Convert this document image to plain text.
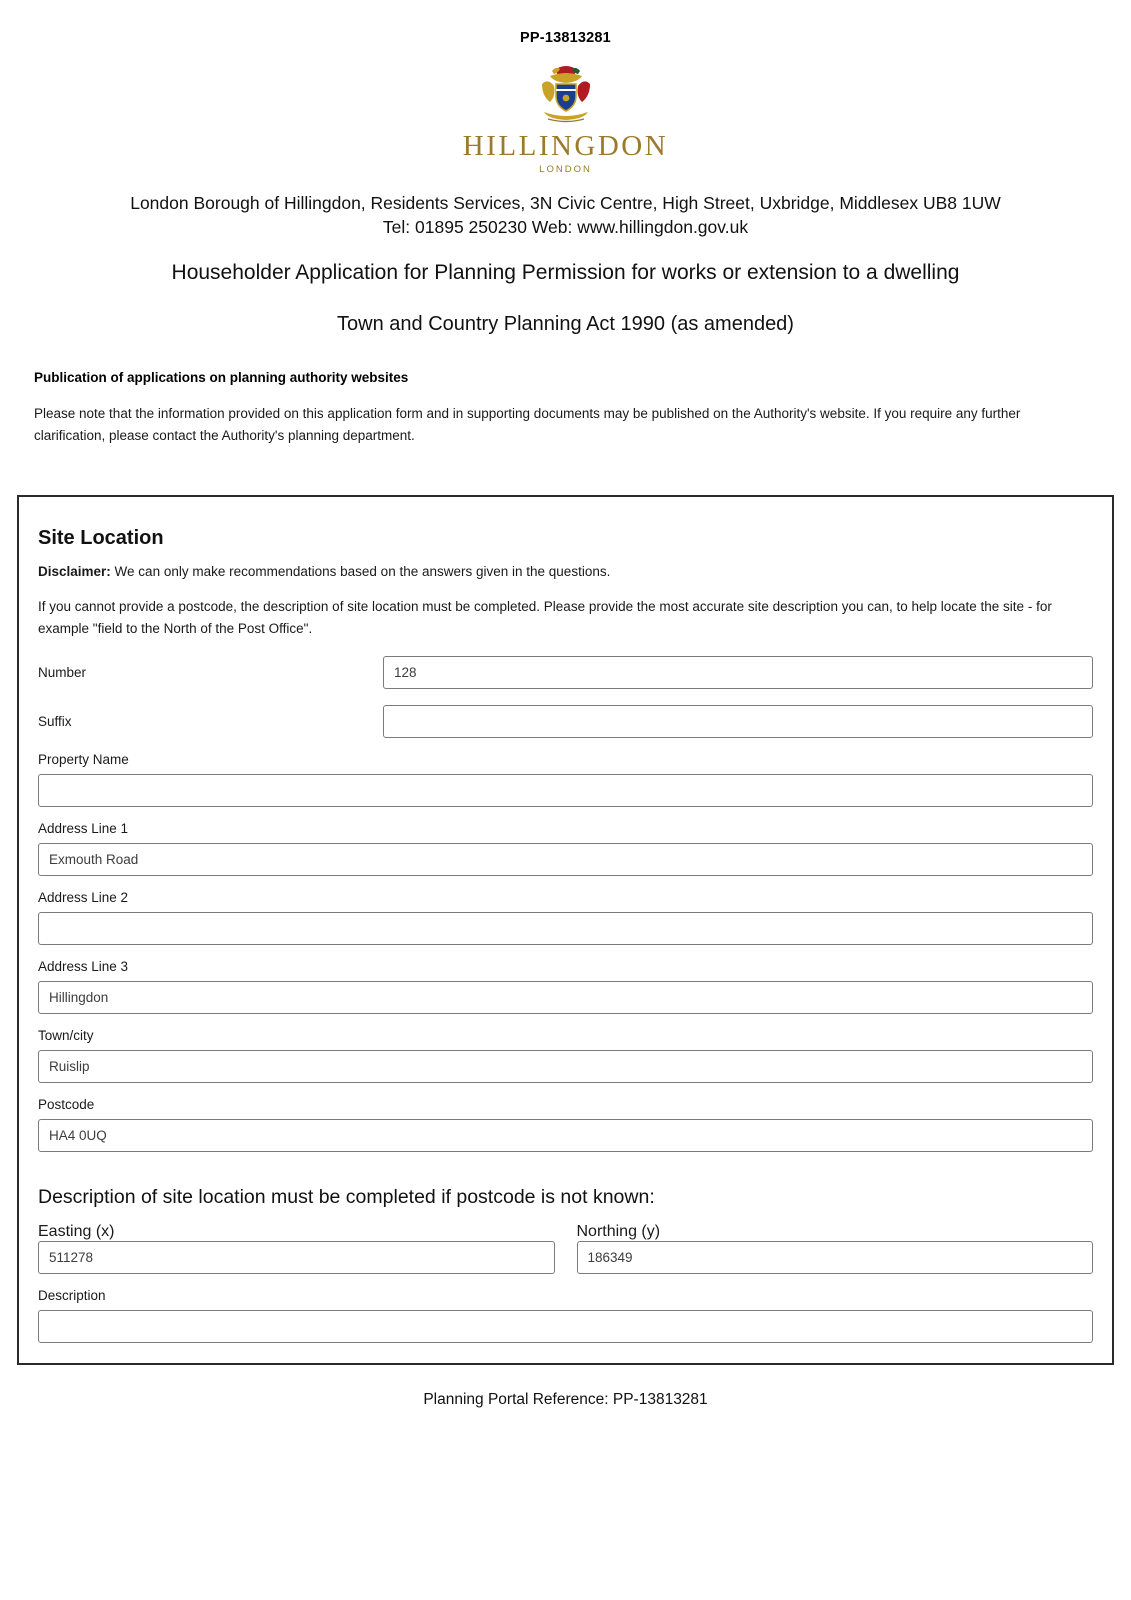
PP-13813281
HILLINGDON
LONDON
London Borough of Hillingdon, Residents Services, 3N Civic Centre, High Street, Uxbridge, Middlesex UB8 1UW
Tel: 01895 250230 Web: www.hillingdon.gov.uk
Householder Application for Planning Permission for works or extension to a dwelling
Town and Country Planning Act 1990 (as amended)
Publication of applications on planning authority websites
Please note that the information provided on this application form and in supporting documents may be published on the Authority's website. If you require any further clarification, please contact the Authority's planning department.
Site Location
Disclaimer: We can only make recommendations based on the answers given in the questions.
If you cannot provide a postcode, the description of site location must be completed. Please provide the most accurate site description you can, to help locate the site - for example "field to the North of the Post Office".
Number
128
Suffix
Property Name
Address Line 1
Exmouth Road
Address Line 2
Address Line 3
Hillingdon
Town/city
Ruislip
Postcode
HA4 0UQ
Description of site location must be completed if postcode is not known:
Easting (x)
511278	Northing (y)
186349
Description
Planning Portal Reference: PP-13813281
